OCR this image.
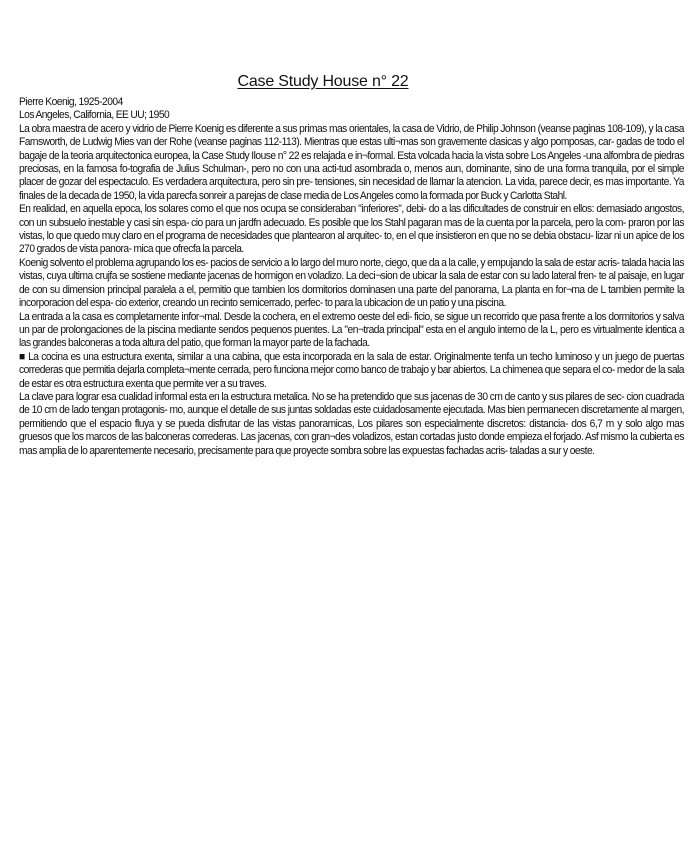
Case Study House n° 22

Pierre Koenig, 1925-2004

Los Angeles, California, EE UU; 1950

La obra maestra de acero y vidrio de Pierre Koenig es diferente a sus primas mas orientales, la casa de Vidrio, de Philip Johnson (veanse paginas 108-109), y la casa Farnsworth, de Ludwig Mies van der Rohe (veanse paginas 112-113). Mientras que estas ulti¬mas son gravemente clasicas y algo pomposas, car- gadas de todo el bagaje de la teoria arquitectonica europea, la Case Study Ilouse n° 22 es relajada e in¬formal. Esta volcada hacia la vista sobre Los Angeles -una alfombra de piedras preciosas, en la famosa fo-tografia de Julius Schulman-, pero no con una acti-tud asombrada o, menos aun, dominante, sino de una forma tranquila, por el simple placer de gozar del espectaculo. Es verdadera arquitectura, pero sin pre- tensiones, sin necesidad de llamar la atencion. La vida, parece decir, es mas importante. Ya finales de la decada de 1950, la vida parecfa sonreir a parejas de clase media de Los Angeles como la formada por Buck y Carlotta Stahl.

En realidad, en aquella epoca, los solares como el que nos ocupa se consideraban "inferiores", debi- do a las dificultades de construir en ellos: demasiado angostos, con un subsuelo inestable y casi sin espa- cio para un jardfn adecuado. Es posible que los Stahl pagaran mas de la cuenta por la parcela, pero la com- praron por las vistas, lo que quedo muy claro en el programa de necesidades que plantearon al arquitec- to, en el que insistieron en que no se debia obstacu- lizar ni un apice de los 270 grados de vista panora- mica que ofrecfa la parcela.

Koenig solvento el problema agrupando los es- pacios de servicio a lo largo del muro norte, ciego, que da a la calle, y empujando la sala de estar acris- talada hacia las vistas, cuya ultima crujfa se sostiene mediante jacenas de hormigon en voladizo. La deci¬sion de ubicar la sala de estar con su lado lateral fren- te al paisaje, en lugar de con su dimension principal paralela a el, permitio que tambien los dormitorios dominasen una parte del panorama, La planta en for¬ma de L tambien permite la incorporacion del espa- cio exterior, creando un recinto semicerrado, perfec- to para la ubicacion de un patio y una piscina.

La entrada a la casa es completamente infor¬mal. Desde la cochera, en el extremo oeste del edi- ficio, se sigue un recorrido que pasa frente a los dormitorios y salva un par de prolongaciones de la piscina mediante sendos pequenos puentes. La "en¬trada principal" esta en el angulo interno de la L, pero es virtualmente identica a las grandes balconeras a toda altura del patio, que forman la mayor parte de la fachada.

■ La cocina es una estructura exenta, similar a una cabina, que esta incorporada en la sala de estar. Originalmente tenfa un techo luminoso y un juego de puertas correderas que permitia dejarla completa¬mente cerrada, pero funciona mejor como banco de trabajo y bar abiertos. La chimenea que separa el co- medor de la sala de estar es otra estructura exenta que permite ver a su traves.

La clave para lograr esa cualidad informal esta en la estructura metalica. No se ha pretendido que sus jacenas de 30 cm de canto y sus pilares de sec- cion cuadrada de 10 cm de lado tengan protagonis- mo, aunque el detalle de sus juntas soldadas este cuidadosamente ejecutada. Mas bien permanecen discretamente al margen, permitiendo que el espacio fluya y se pueda disfrutar de las vistas panoramicas, Los pilares son especialmente discretos: distancia- dos 6,7 m y solo algo mas gruesos que los marcos de las balconeras correderas. Las jacenas, con gran¬des voladizos, estan cortadas justo donde empieza el forjado. Asf mismo la cubierta es mas amplia de lo aparentemente necesario, precisamente para que proyecte sombra sobre las expuestas fachadas acris- taladas a sur y oeste.
